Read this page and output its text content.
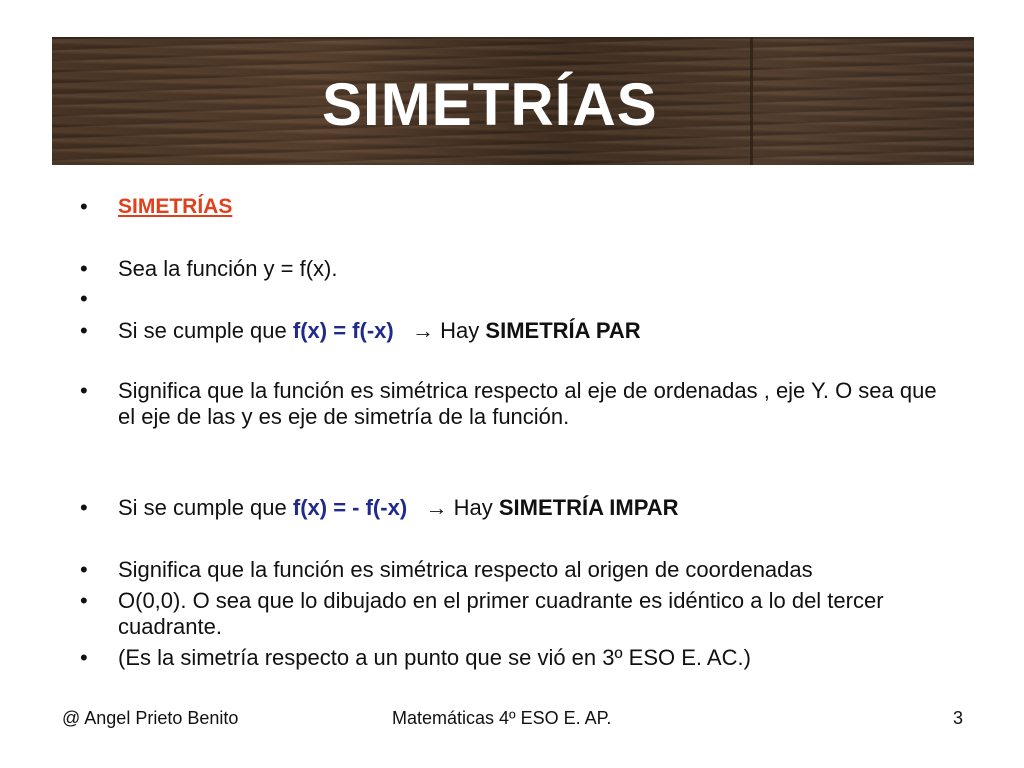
SIMETRÍAS
•	SIMETRÍAS
•	Sea la función y = f(x).
•
•	Si se cumple que f(x) = f(-x) → Hay SIMETRÍA PAR
•	Significa que la función es simétrica respecto al eje de ordenadas , eje Y. O sea que el eje de las y es eje de simetría de la función.
•	Si se cumple que f(x) = - f(-x) → Hay SIMETRÍA IMPAR
•	Significa que la función es simétrica respecto al origen de coordenadas
•	O(0,0). O sea que lo dibujado en el primer cuadrante es idéntico a lo del tercer cuadrante.
•	(Es la simetría respecto a un punto que se vió en 3º ESO E. AC.)
@ Angel Prieto Benito	Matemáticas 4º ESO E. AP.	3
